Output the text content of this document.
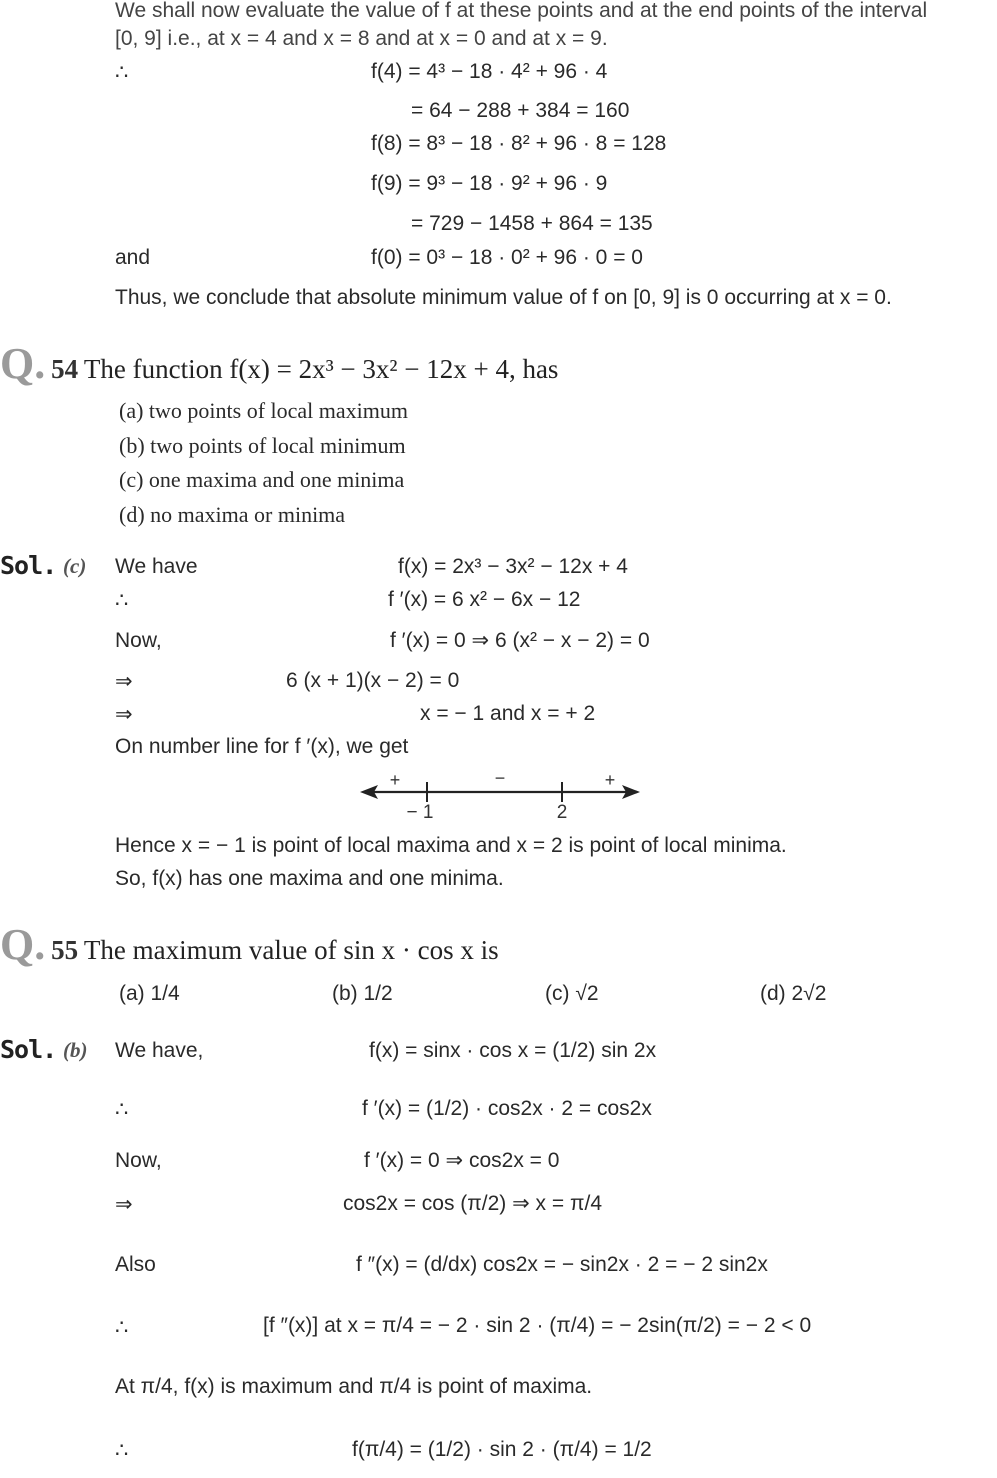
We shall now evaluate the value of f at these points and at the end points of the interval
[0, 9] i.e., at x = 4 and x = 8 and at x = 0 and at x = 9.
∴	f(4) = 4³ − 18 · 4² + 96 · 4
= 64 − 288 + 384 = 160
f(8) = 8³ − 18 · 8² + 96 · 8 = 128
f(9) = 9³ − 18 · 9² + 96 · 9
= 729 − 1458 + 864 = 135
and	f(0) = 0³ − 18 · 0² + 96 · 0 = 0
Thus, we conclude that absolute minimum value of f on [0, 9] is 0 occurring at x = 0.
Q. 54 The function f(x) = 2x³ − 3x² − 12x + 4, has
(a) two points of local maximum
(b) two points of local minimum
(c) one maxima and one minima
(d) no maxima or minima
Sol. (c) We have	f(x) = 2x³ − 3x² − 12x + 4
∴	f ′(x) = 6 x² − 6x − 12
Now,	f ′(x) = 0 ⇒ 6 (x² − x − 2) = 0
⇒	6 (x + 1)(x − 2) = 0
⇒	x = − 1 and x = + 2
On number line for f ′(x), we get
+	−	+
− 1	2
Hence x = − 1 is point of local maxima and x = 2 is point of local minima.
So, f(x) has one maxima and one minima.
Q. 55 The maximum value of sin x · cos x is
(a) 1/4	(b) 1/2	(c) √2	(d) 2√2
Sol. (b) We have,	f(x) = sinx · cos x = (1/2) sin 2x
∴	f ′(x) = (1/2) · cos2x · 2 = cos2x
Now,	f ′(x) = 0 ⇒ cos2x = 0
⇒	cos2x = cos (π/2) ⇒ x = π/4
Also	f ″(x) = (d/dx) cos2x = − sin2x · 2 = − 2 sin2x
∴	[f ″(x)] at x = π/4 = − 2 · sin 2 · (π/4) = − 2sin(π/2) = − 2 < 0
At π/4, f(x) is maximum and π/4 is point of maxima.
∴	f(π/4) = (1/2) · sin 2 · (π/4) = 1/2
